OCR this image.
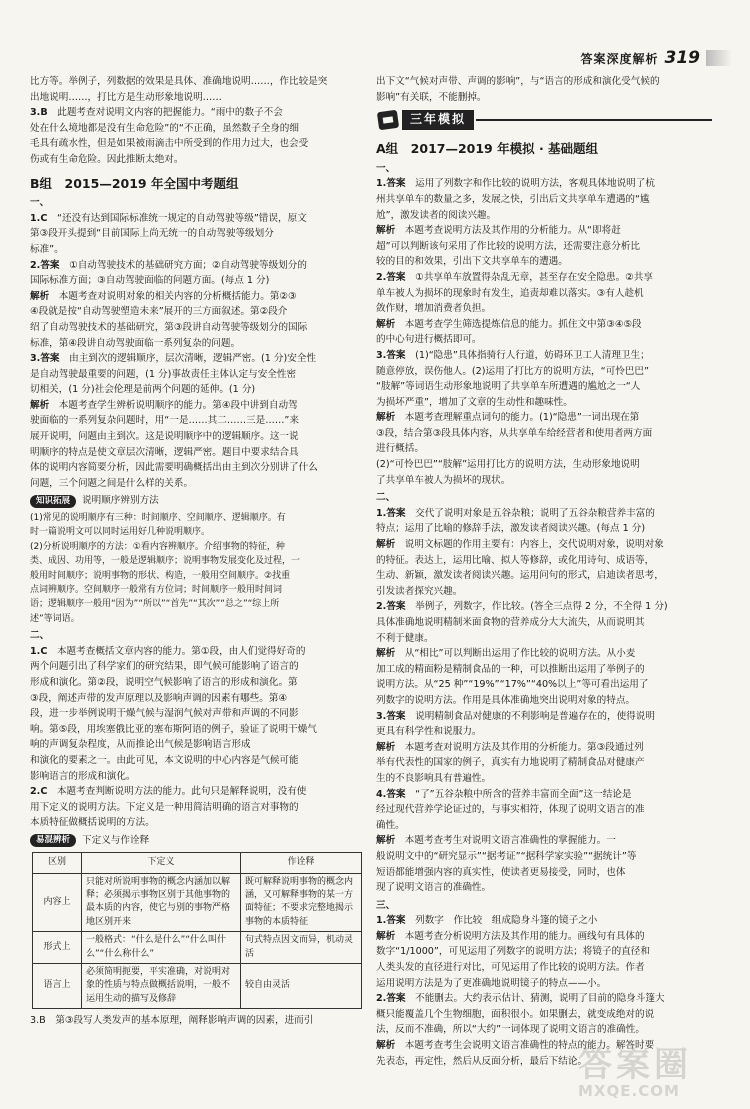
答案深度解析 319

比方等。举例子，列数据的效果是具体、准确地说明……，作比较是突

出地说明……，打比方是生动形象地说明……

3.B　此题考查对说明文内容的把握能力。“雨中的数子不会

处在什么境地都是没有生命危险”的“不正确，虽然数子全身的细

毛具有疏水性，但是如果被雨滴击中所受到的作用力过大，也会受

伤或有生命危险。因此推断太绝对。

B组　2015—2019 年全国中考题组

一、

1.C　“还没有达到国际标准统一规定的自动驾驶等级”错误，原文

第③段开头提到“目前国际上尚无统一的自动驾驶等级划分

标准”。

2.答案　①自动驾驶技术的基础研究方面；②自动驾驶等级划分的

国际标准方面；③自动驾驶面临的问题方面。(每点 1 分)

解析　本题考查对说明对象的相关内容的分析概括能力。第②③

④段就是按“自动驾驶塑造未来”展开的三方面叙述。第②段介

绍了自动驾驶技术的基础研究，第③段讲自动驾驶等级划分的国际

标准，第④段讲自动驾驶面临一系列复杂的问题。

3.答案　由主到次的逻辑顺序，层次清晰，逻辑严密。(1 分)安全性

是自动驾驶最重要的问题，(1 分)事故责任主体认定与安全性密

切相关，(1 分)社会伦理是前两个问题的延伸。(1 分)

解析　本题考查学生辨析说明顺序的能力。第④段中讲到自动驾

驶面临的一系列复杂问题时，用“一是……其二……三是……”来

展开说明，问题由主到次。这是说明顺序中的逻辑顺序。这一说

明顺序的特点是使文章层次清晰，逻辑严密。题目中要求结合具

体的说明内容简要分析，因此需要明确概括出由主到次分别讲了什么

问题，三个问题之间是什么样的关系。

知识拓展	说明顺序辨别方法

(1)常见的说明顺序有三种：时间顺序、空间顺序、逻辑顺序。有

时一篇说明文可以同时运用好几种说明顺序。

(2)分析说明顺序的方法：①看内容辨顺序。介绍事物的特征，种

类、成因、功用等，一般是逻辑顺序；说明事物发展变化及过程，一

般用时间顺序；说明事物的形状、构造，一般用空间顺序。②找重

点词辨顺序。空间顺序一般常有方位词；时间顺序一般用时间词

语；逻辑顺序一般用“因为”“所以”“首先”“其次”“总之”“综上所

述”等词语。

二、

1.C　本题考查概括文章内容的能力。第①段，由人们觉得好奇的

两个问题引出了科学家们的研究结果，即气候可能影响了语言的

形成和演化。第②段，说明空气候影响了语言的形成和演化。第

③段，阐述声带的发声原理以及影响声调的因素有哪些。第④

段，进一步举例说明干燥气候与湿润气候对声带和声调的不同影

响。第⑤段，用埃塞俄比亚的塞布斯阿语的例子，验证了说明干燥气

响的声调复杂程度，从而推论出气候是影响语言形成

和演化的要素之一。由此可见，本文说明的中心内容是气候可能

影响语言的形成和演化。

2.C　本题考查判断说明方法的能力。此句只是解释说明，没有使

用下定义的说明方法。下定义是一种用简洁明确的语言对事物的

本质特征做概括说明的方法。

易混辨析	下定义与作诠释
区别	下定义	作诠释
内容上	只能对所说明事物的概念内涵加以解释；必须揭示事物区别于其他事物的最本质的内容，使它与别的事物严格地区别开来	既可解释说明事物的概念内涵，又可解释事物的某一方面特征；不要求完整地揭示事物的本质特征
形式上	一般格式：“什么是什么”“什么叫什么”“什么称什么”	句式特点因文而异，机动灵活
语言上	必须简明扼要，平实准确，对说明对象的性质与特点做概括说明，一般不运用生动的描写及修辞	较自由灵活

3.B　第③段写人类发声的基本原理，阐释影响声调的因素，进而引

出下文“气候对声带、声调的影响”，与“语言的形成和演化受气候的

影响”有关联，不能删掉。

三年模拟

A组　2017—2019 年模拟 · 基础题组

一、

1.答案　运用了列数字和作比较的说明方法，客观具体地说明了杭

州共享单车的数量之多，发展之快，引出后文共享单车遭遇的“尴

尬”，激发读者的阅读兴趣。

解析　本题考查说明方法及其作用的分析能力。从“即将赶

超”可以判断该句采用了作比较的说明方法，还需要注意分析比

较的目的和效果，引出下文共享单车的遭遇。

2.答案　①共享单车放置得杂乱无章，甚至存在安全隐患。②共享

单车被人为损坏的现象时有发生，追责却难以落实。③有人趁机

敛作财，增加消费者负担。

解析　本题考查学生筛选提炼信息的能力。抓住文中第③④⑤段

的中心句进行概括即可。

3.答案　(1)“隐患”具体指骑行人行道，妨碍环卫工人清理卫生；

随意停放，误伤他人。(2)运用了打比方的说明方法，“可怜巴巴”

“肢解”等词语生动形象地说明了共享单车所遭遇的尴尬之一“人

为损坏严重”，增加了文章的生动性和趣味性。

解析　本题考查理解重点词句的能力。(1)“隐患”一词出现在第

③段，结合第③段具体内容，从共享单车给经营者和使用者两方面

进行概括。

(2)“可怜巴巴”“肢解”运用打比方的说明方法，生动形象地说明

了共享单车被人为损坏的现状。

二、

1.答案　交代了说明对象是五谷杂粮；说明了五谷杂粮营养丰富的

特点；运用了比喻的修辞手法，激发读者阅读兴趣。(每点 1 分)

解析　说明文标题的作用主要有：内容上，交代说明对象，说明对象

的特征。表达上，运用比喻、拟人等修辞，或化用诗句、成语等，

生动、新颖，激发读者阅读兴趣。运用问句的形式，启迪读者思考，

引发读者探究兴趣。

2.答案　举例子，列数字，作比较。(答全三点得 2 分，不全得 1 分)

具体准确地说明精制米面食物的营养成分大大流失，从而说明其

不利于健康。

解析　从“相比”可以判断出运用了作比较的说明方法。从小麦

加工成的精面粉是精制食品的一种，可以推断出运用了举例子的

说明方法。从“25 种”“19%”“17%”“40%以上”等可看出运用了

列数字的说明方法。作用是具体准确地突出说明对象的特点。

3.答案　说明精制食品对健康的不利影响是普遍存在的，使得说明

更具有科学性和说服力。

解析　本题考查对说明方法及其作用的分析能力。第③段通过列

举有代表性的国家的例子，真实有力地说明了精制食品对健康产

生的不良影响具有普遍性。

4.答案　“了”五谷杂粮中所含的营养丰富而全面”这一结论是

经过现代营养学论证过的，与事实相符，体现了说明文语言的准

确性。

解析　本题考查考生对说明文语言准确性的掌握能力。一

般说明文中的“研究显示”“据考证”“据科学家实验”“据统计”等

短语都能增强内容的真实性，使读者更易接受，同时，也体

现了说明文语言的准确性。

三、

1.答案　列数字　作比较　组成隐身斗篷的镜子之小

解析　本题考查分析说明方法及其作用的能力。画线句有具体的

数字“1/1000”，可见运用了列数字的说明方法；将镜子的直径和

人类头发的直径进行对比，可见运用了作比较的说明方法。作者

运用说明方法是为了更准确地说明镜子的特点——小。

2.答案　不能删去。大约表示估计、猜测，说明了目前的隐身斗篷大

概只能覆盖几个生物细胞，面积很小。如果删去，就变成绝对的说

法，反而不准确，所以“大约”一词体现了说明文语言的准确性。

解析　本题考查考生会说明文语言准确性的特点的能力。解答时要

先表态，再定性，然后从反面分析，最后下结论。

答案圈
MXQE.COM
